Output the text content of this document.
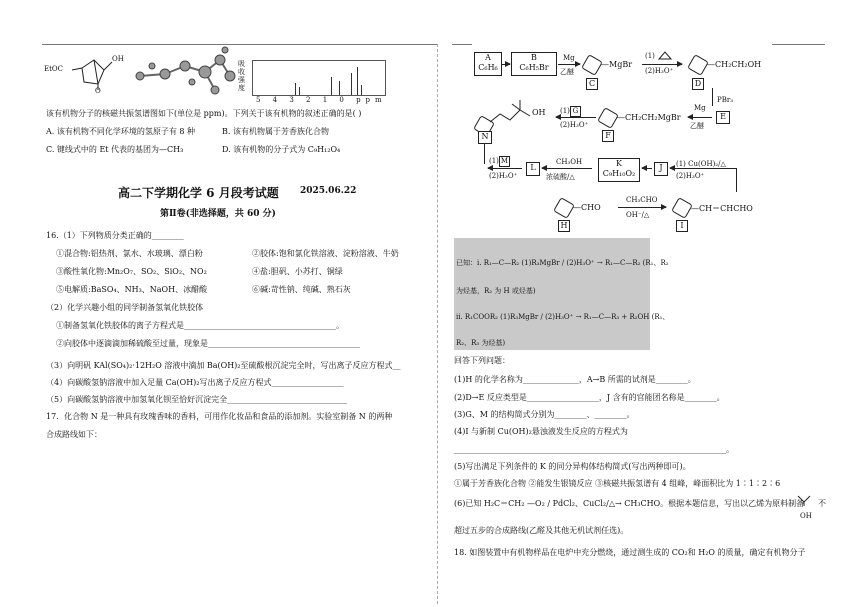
EtOC
OH
O
吸收强度
5 4 3 2 1 0 ppm
该有机物分子的核磁共振氢谱图如下(单位是 ppm)。下列关于该有机物的叙述正确的是( )
A. 该有机物不同化学环境的氢原子有 8 种	B. 该有机物属于芳香族化合物
C. 键线式中的 Et 代表的基团为—CH₃	D. 该有机物的分子式为 C₉H₁₂O₄
高二下学期化学 6 月段考试题 2025.06.22
第Ⅱ卷(非选择题，共 60 分)
16.（1）下列物质分类正确的________
①混合物:铝热剂、氯水、水玻璃、漂白粉	②胶体:饱和氯化铁溶液、淀粉溶液、牛奶
③酸性氧化物:Mn₂O₇、SO₂、SiO₂、NO₂	④盐:胆矾、小苏打、铜绿
⑤电解质:BaSO₄、NH₃、NaOH、冰醋酸	⑥碱:苛性钠、纯碱、熟石灰
（2）化学兴趣小组的同学制备氢氧化铁胶体
①制备氢氧化铁胶体的离子方程式是______________________________________。
②向胶体中逐滴滴加稀硫酸至过量，现象是______________________________________
（3）向明矾 KAl(SO₄)₂·12H₂O 溶液中滴加 Ba(OH)₂至硫酸根沉淀完全时，写出离子反应方程式__
（4）向碳酸氢钠溶液中加入足量 Ca(OH)₂写出离子反应方程式__________________
（5）向碳酸氢钠溶液中加氢氧化钡至恰好沉淀完全______________________________
17．化合物 N 是一种具有玫瑰香味的香料，可用作化妆品和食品的添加剂。实验室制备 N 的两种
合成路线如下：
A
C₆H₆
B
C₆H₅Br
Mg
乙醚
—MgBr
C
(1)
(2)H₃O⁺
—CH₂CH₂OH
D
PBr₃
E
Mg
乙醚
—CH₂CH₂MgBr
F
(1) G
(2)H₃O⁺
OH
N
(1) M
(2)H₃O⁺
L
CH₃OH
浓硫酸/△
K
C₉H₁₀O₂
J	(1) Cu(OH)₂/△
(2)H₃O⁺
—CHO
H
CH₃CHO
OH⁻/△
—CH＝CHCHO
I
已知：ⅰ. R₁—C—R₂ (1)R₃MgBr / (2)H₃O⁺ → R₁—C—R₂ (R₁、R₂
为烃基，R₂ 为 H 或烃基)
ⅱ. R₁COOR₂ (1)R₃MgBr / (2)H₃O⁺ → R₁—C—R₃ + R₂OH (R₁、
R₂、R₃ 为烃基)
回答下列问题：
(1)H 的化学名称为______________，A→B 所需的试剂是________。
(2)D→E 反应类型是__________________，J 含有的官能团名称是________。
(3)G、M 的结构简式分别为________、________。
(4)I 与新制 Cu(OH)₂悬浊液发生反应的方程式为
____________________________________________________________________。
(5)写出满足下列条件的 K 的同分异构体结构简式(写出两种即可)。
①属于芳香族化合物 ②能发生银镜反应 ③核磁共振氢谱有 4 组峰，峰面积比为 1∶1∶2∶6
(6)已知 H₂C＝CH₂ —O₂ / PdCl₂、CuCl₂/△→ CH₃CHO。根据本题信息，写出以乙烯为原料制备 不
OH
超过五步的合成路线(乙醛及其他无机试剂任选)。
18. 如图装置中有机物样品在电炉中充分燃烧，通过测生成的 CO₂和 H₂O 的质量，确定有机物分子
